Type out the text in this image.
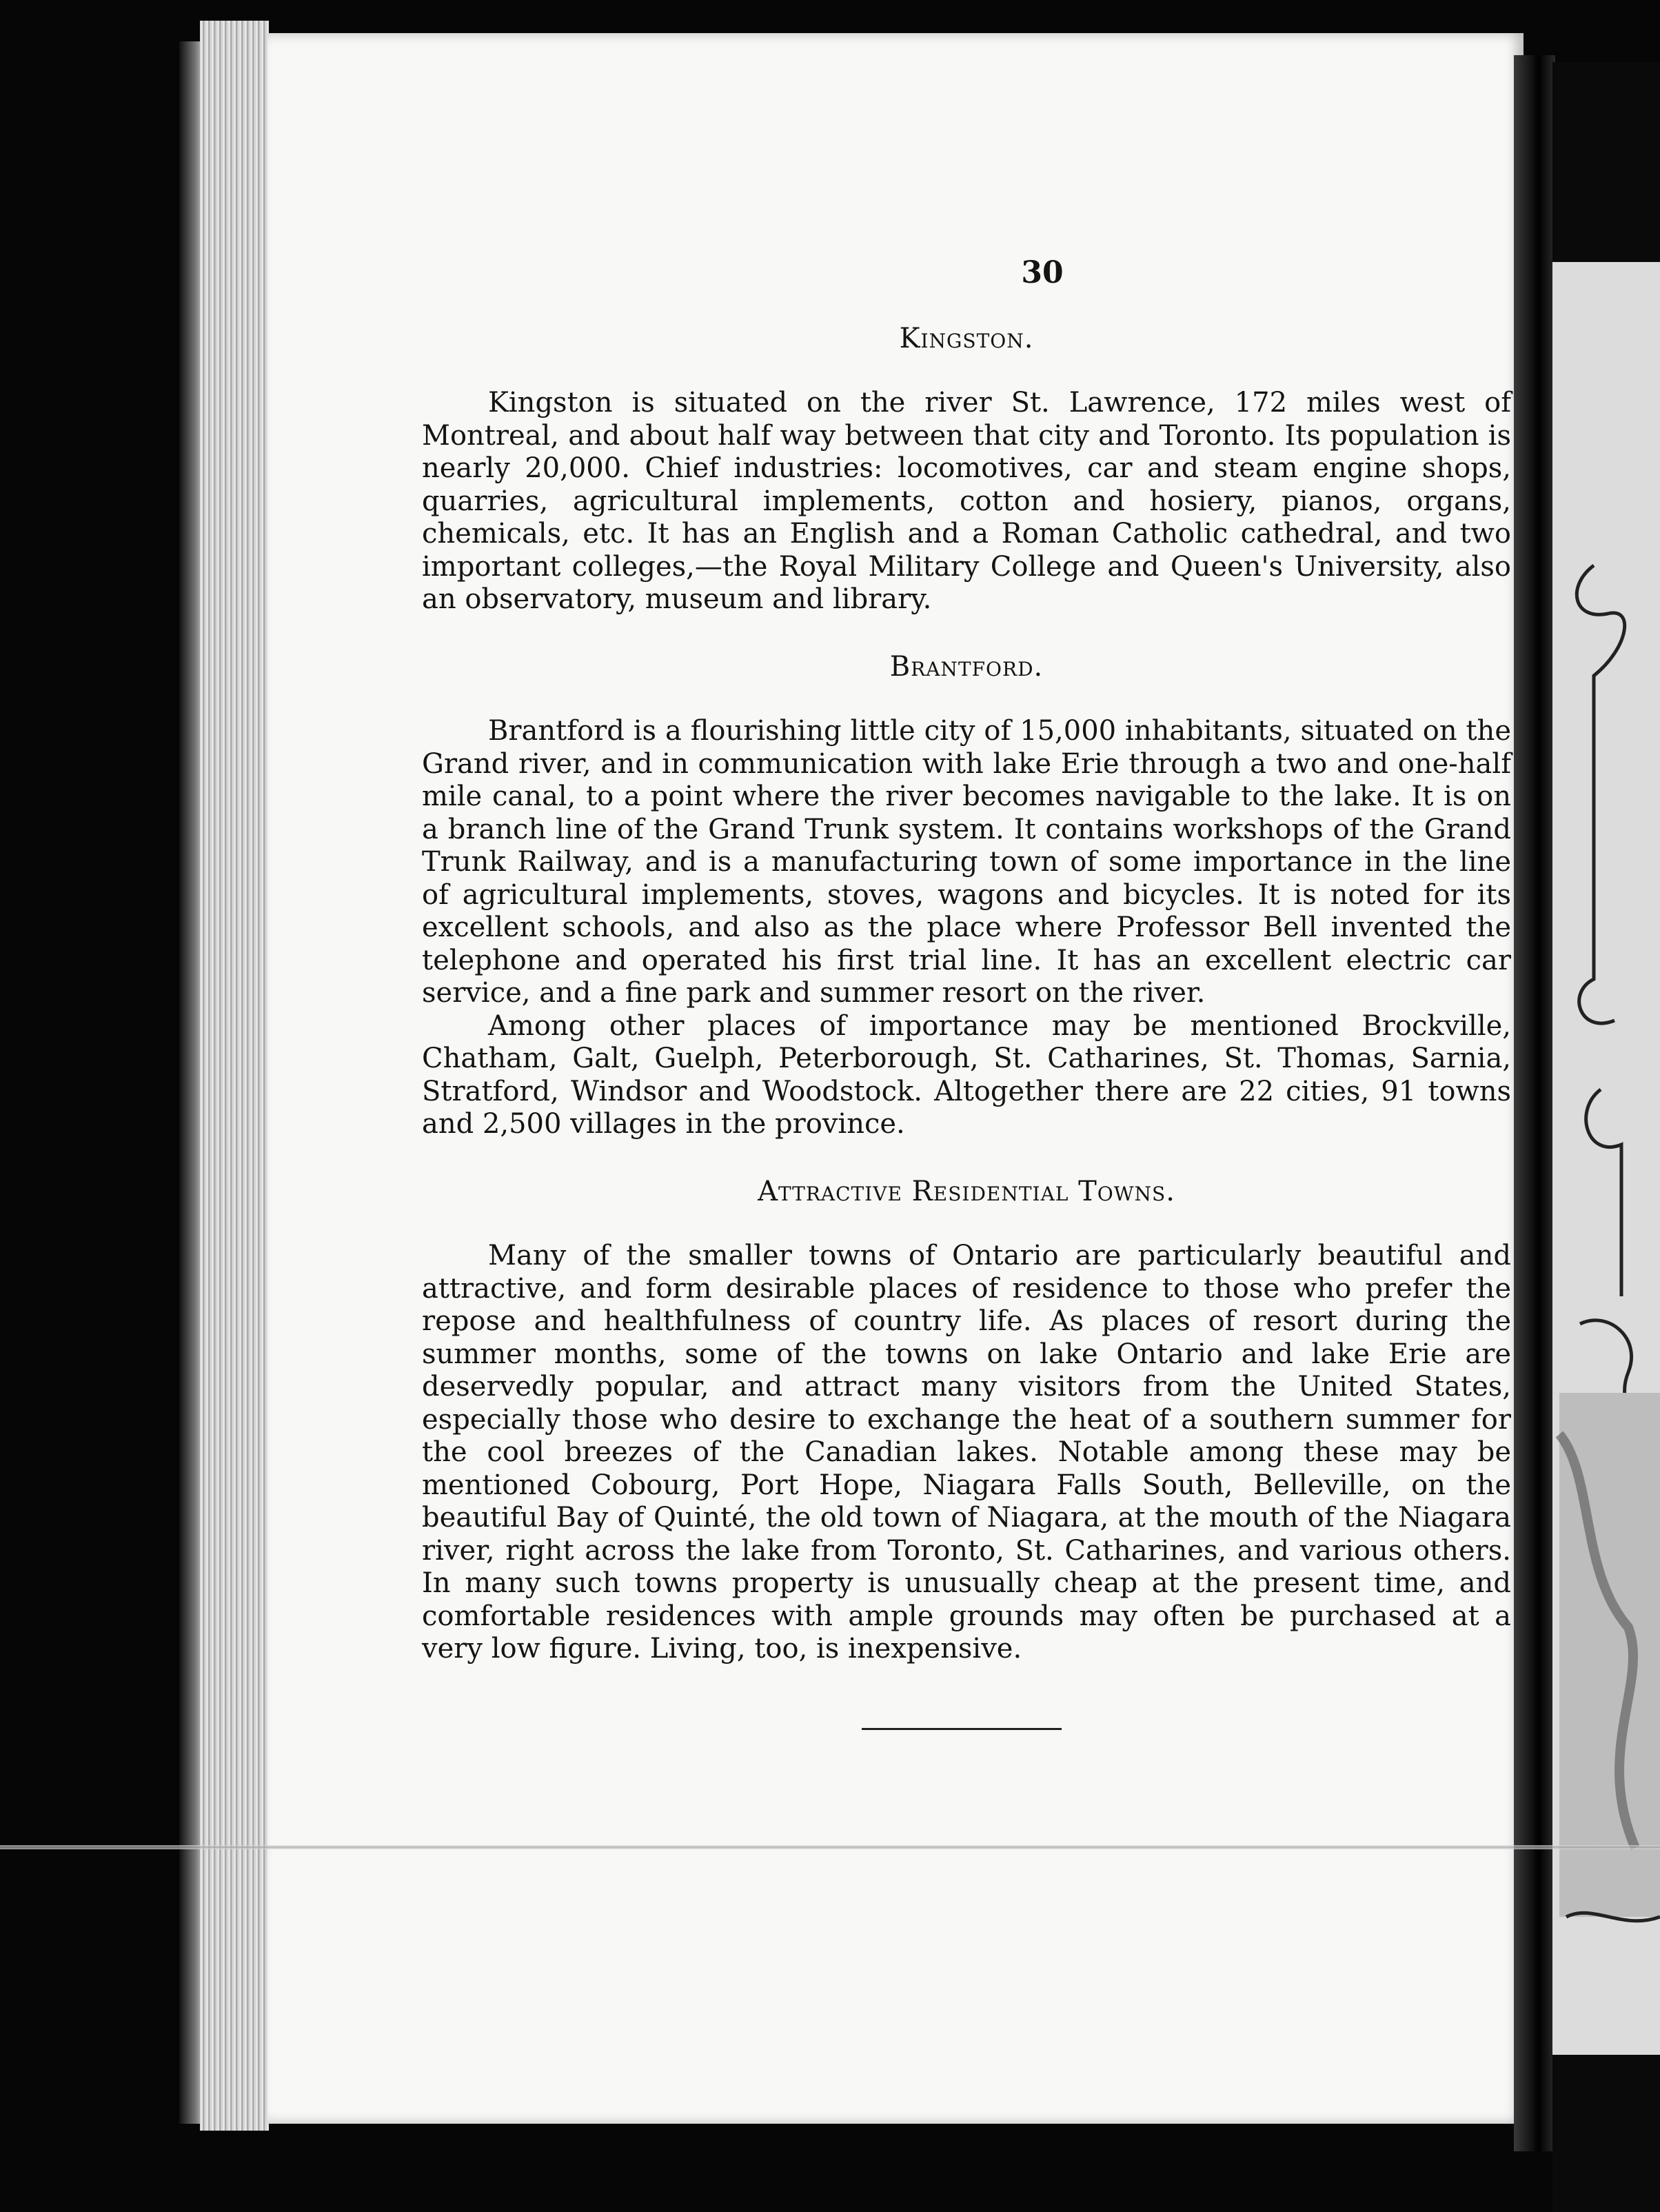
30
Kingston.

Kingston is situated on the river St. Lawrence, 172 miles west of Montreal, and about half way between that city and Toronto. Its population is nearly 20,000. Chief industries: locomotives, car and steam engine shops, quarries, agricultural implements, cotton and hosiery, pianos, organs, chemicals, etc. It has an English and a Roman Catholic cathedral, and two important colleges,—the Royal Military College and Queen's University, also an observatory, museum and library.

Brantford.

Brantford is a flourishing little city of 15,000 inhabitants, situated on the Grand river, and in communication with lake Erie through a two and one-half mile canal, to a point where the river becomes navigable to the lake. It is on a branch line of the Grand Trunk system. It contains workshops of the Grand Trunk Railway, and is a manufacturing town of some importance in the line of agricultural implements, stoves, wagons and bicycles. It is noted for its excellent schools, and also as the place where Professor Bell invented the telephone and operated his first trial line. It has an excellent electric car service, and a fine park and summer resort on the river.

Among other places of importance may be mentioned Brockville, Chatham, Galt, Guelph, Peterborough, St. Catharines, St. Thomas, Sarnia, Stratford, Windsor and Woodstock. Altogether there are 22 cities, 91 towns and 2,500 villages in the province.

Attractive Residential Towns.

Many of the smaller towns of Ontario are particularly beautiful and attractive, and form desirable places of residence to those who prefer the repose and healthfulness of country life. As places of resort during the summer months, some of the towns on lake Ontario and lake Erie are deservedly popular, and attract many visitors from the United States, especially those who desire to exchange the heat of a southern summer for the cool breezes of the Canadian lakes. Notable among these may be mentioned Cobourg, Port Hope, Niagara Falls South, Belleville, on the beautiful Bay of Quinté, the old town of Niagara, at the mouth of the Niagara river, right across the lake from Toronto, St. Catharines, and various others. In many such towns property is unusually cheap at the present time, and comfortable residences with ample grounds may often be purchased at a very low figure. Living, too, is inexpensive.
